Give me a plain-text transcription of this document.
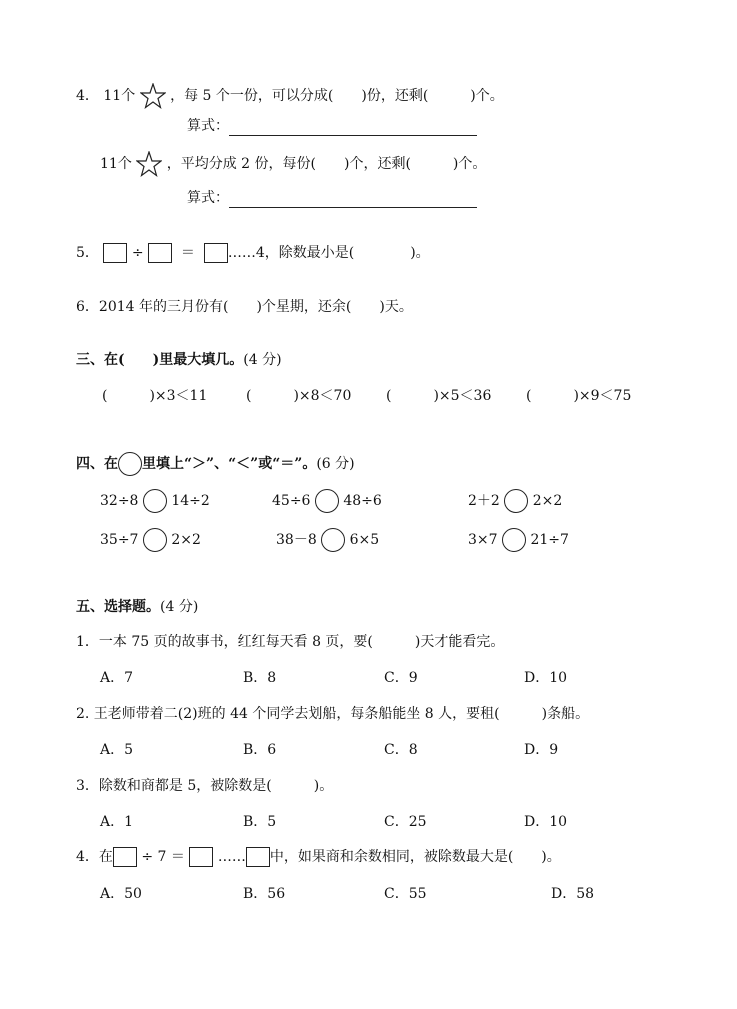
4． 11个 ，每 5 个一份，可以分成(　　)份，还剩(　　　)个。
算式：
11个 ，平均分成 2 份，每份(　　)个，还剩(　　　)个。
算式：
5． ÷	＝ ……4，除数最小是(　　　　)。
6．2014 年的三月份有(　　)个星期，还余(　　)天。
三、在(　　)里最大填几。(4 分)
(　　　)×3＜11	(　　　)×8＜70 (　　　)×5＜36 (　　　)×9＜75
四、在 里填上“＞”、“＜”或“＝”。(6 分)
32÷8 14÷2	45÷6 48÷6	2＋2 2×2
35÷7 2×2	38－8 6×5	3×7 21÷7
五、选择题。(4 分)
1．一本 75 页的故事书，红红每天看 8 页，要(　　　)天才能看完。
A．7	B．8	C．9	D．10
2. 王老师带着二(2)班的 44 个同学去划船，每条船能坐 8 人，要租(　　　)条船。
A．5	B．6	C．8	D．9
3．除数和商都是 5，被除数是(　　　)。
A．1	B．5	C．25	D．10
4．在 ÷ 7 ＝ …… 中，如果商和余数相同，被除数最大是(　　)。
A．50	B．56	C．55	D．58
